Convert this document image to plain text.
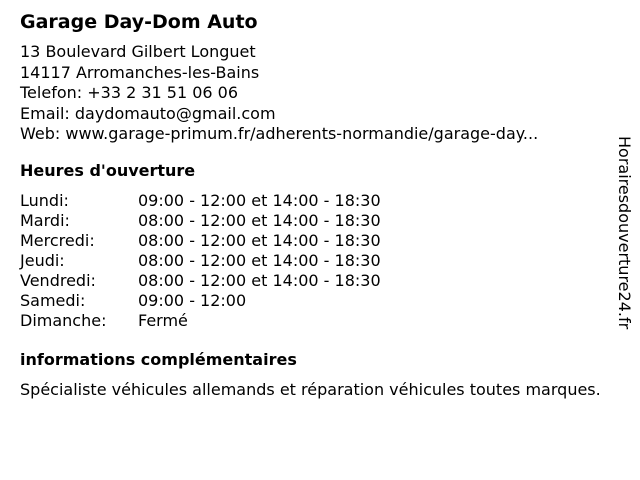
Garage Day-Dom Auto
13 Boulevard Gilbert Longuet
14117 Arromanches-les-Bains
Telefon: +33 2 31 51 06 06
Email: daydomauto@gmail.com
Web: www.garage-primum.fr/adherents-normandie/garage-day...
Heures d'ouverture
Lundi:	09:00 - 12:00 et 14:00 - 18:30
Mardi:	08:00 - 12:00 et 14:00 - 18:30
Mercredi:	08:00 - 12:00 et 14:00 - 18:30
Jeudi:	08:00 - 12:00 et 14:00 - 18:30
Vendredi:	08:00 - 12:00 et 14:00 - 18:30
Samedi:	09:00 - 12:00
Dimanche:	Fermé
informations complémentaires
Spécialiste véhicules allemands et réparation véhicules toutes marques.
Horairesdouverture24.fr
